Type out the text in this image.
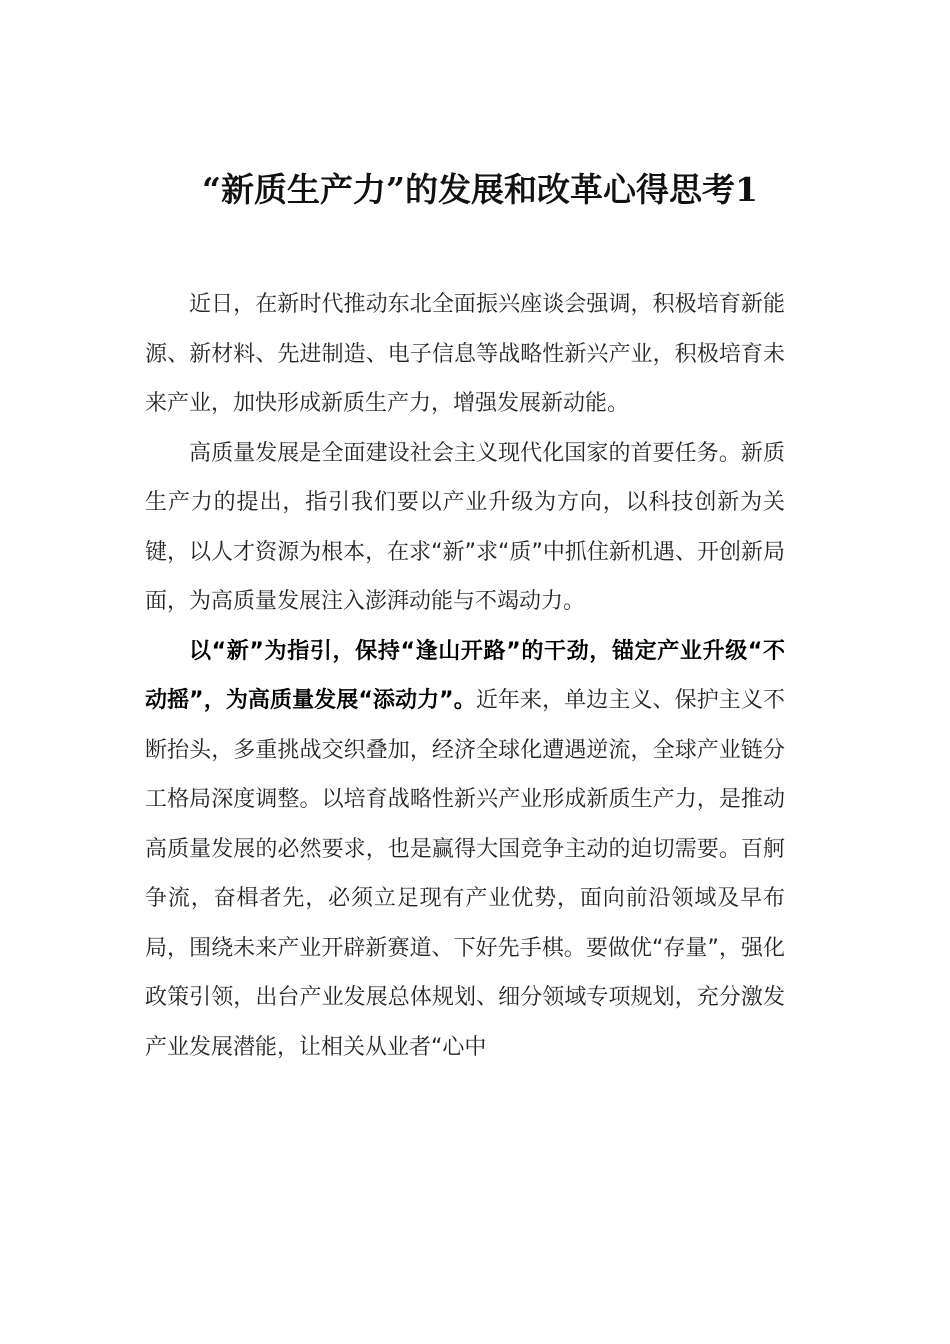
“新质生产力”的发展和改革心得思考1

近日，在新时代推动东北全面振兴座谈会强调，积极培育新能源、新材料、先进制造、电子信息等战略性新兴产业，积极培育未来产业，加快形成新质生产力，增强发展新动能。

高质量发展是全面建设社会主义现代化国家的首要任务。新质生产力的提出，指引我们要以产业升级为方向，以科技创新为关键，以人才资源为根本，在求“新”求“质”中抓住新机遇、开创新局面，为高质量发展注入澎湃动能与不竭动力。

以“新”为指引，保持“逢山开路”的干劲，锚定产业升级“不动摇”，为高质量发展“添动力”。近年来，单边主义、保护主义不断抬头，多重挑战交织叠加，经济全球化遭遇逆流，全球产业链分工格局深度调整。以培育战略性新兴产业形成新质生产力，是推动高质量发展的必然要求，也是赢得大国竞争主动的迫切需要。百舸争流，奋楫者先，必须立足现有产业优势，面向前沿领域及早布局，围绕未来产业开辟新赛道、下好先手棋。要做优“存量”，强化政策引领，出台产业发展总体规划、细分领域专项规划，充分激发产业发展潜能，让相关从业者“心中
